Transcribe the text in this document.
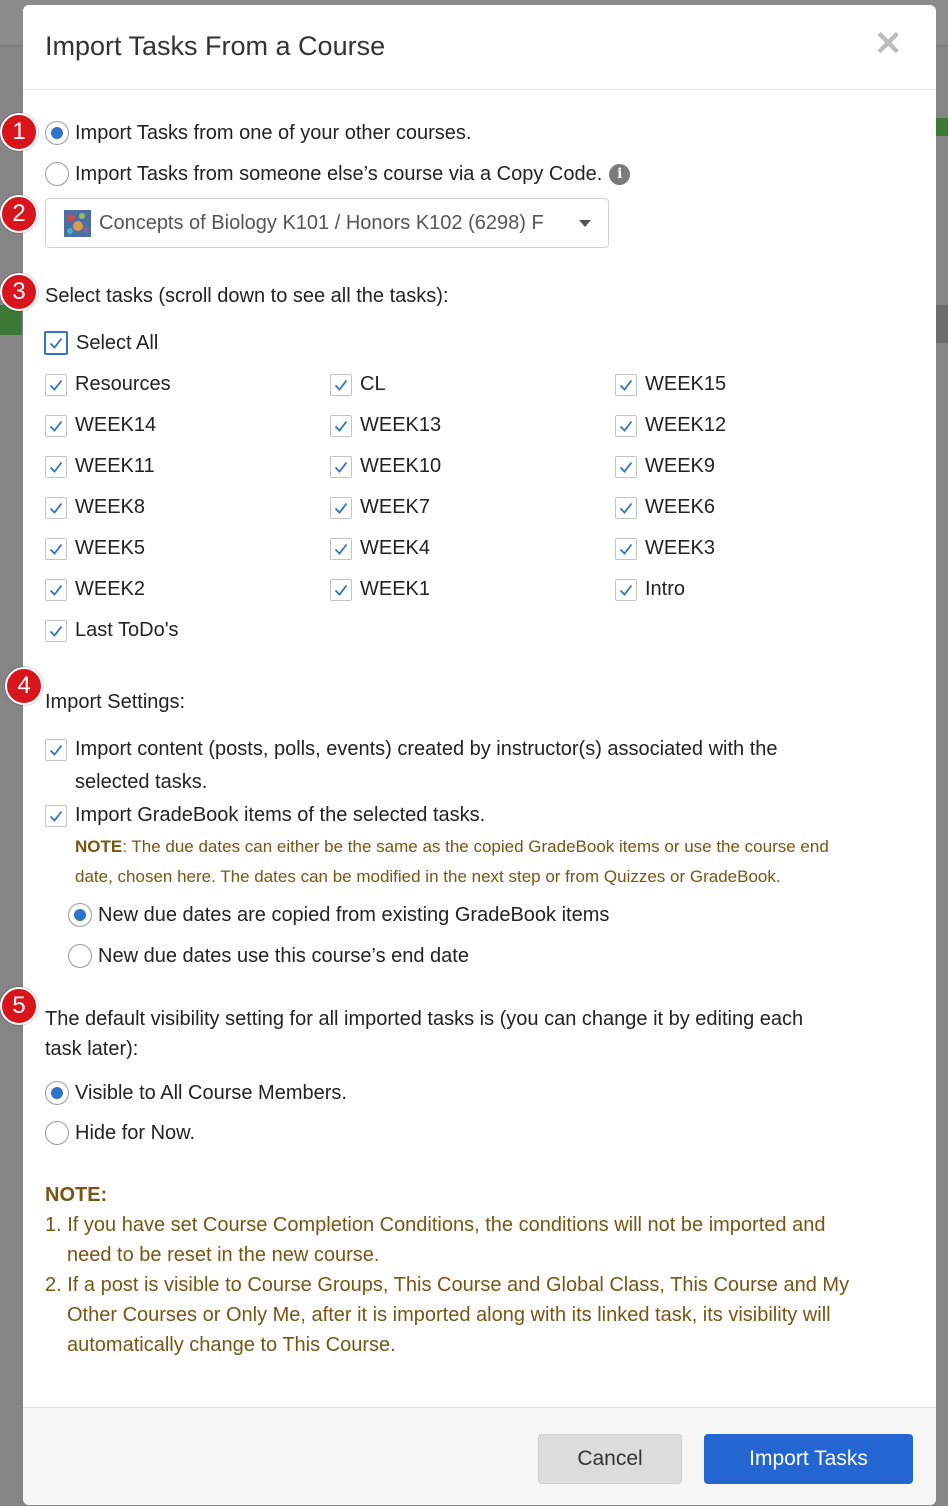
1
2
3
4
5
Import Tasks From a Course	✕
Import Tasks from one of your other courses.
Import Tasks from someone else’s course via a Copy Code.	i
Concepts of Biology K101 / Honors K102 (6298) F
Select tasks (scroll down to see all the tasks):
Select All
Resources	CL	WEEK15
WEEK14	WEEK13	WEEK12
WEEK11	WEEK10	WEEK9
WEEK8	WEEK7	WEEK6
WEEK5	WEEK4	WEEK3
WEEK2	WEEK1	Intro
Last ToDo's
Import Settings:
Import content (posts, polls, events) created by instructor(s) associated with the
selected tasks.
Import GradeBook items of the selected tasks.
NOTE: The due dates can either be the same as the copied GradeBook items or use the course end
date, chosen here. The dates can be modified in the next step or from Quizzes or GradeBook.
New due dates are copied from existing GradeBook items
New due dates use this course’s end date
The default visibility setting for all imported tasks is (you can change it by editing each
task later):
Visible to All Course Members.
Hide for Now.
NOTE:
1. If you have set Course Completion Conditions, the conditions will not be imported and
need to be reset in the new course.
2. If a post is visible to Course Groups, This Course and Global Class, This Course and My
Other Courses or Only Me, after it is imported along with its linked task, its visibility will
automatically change to This Course.
Cancel	Import Tasks
